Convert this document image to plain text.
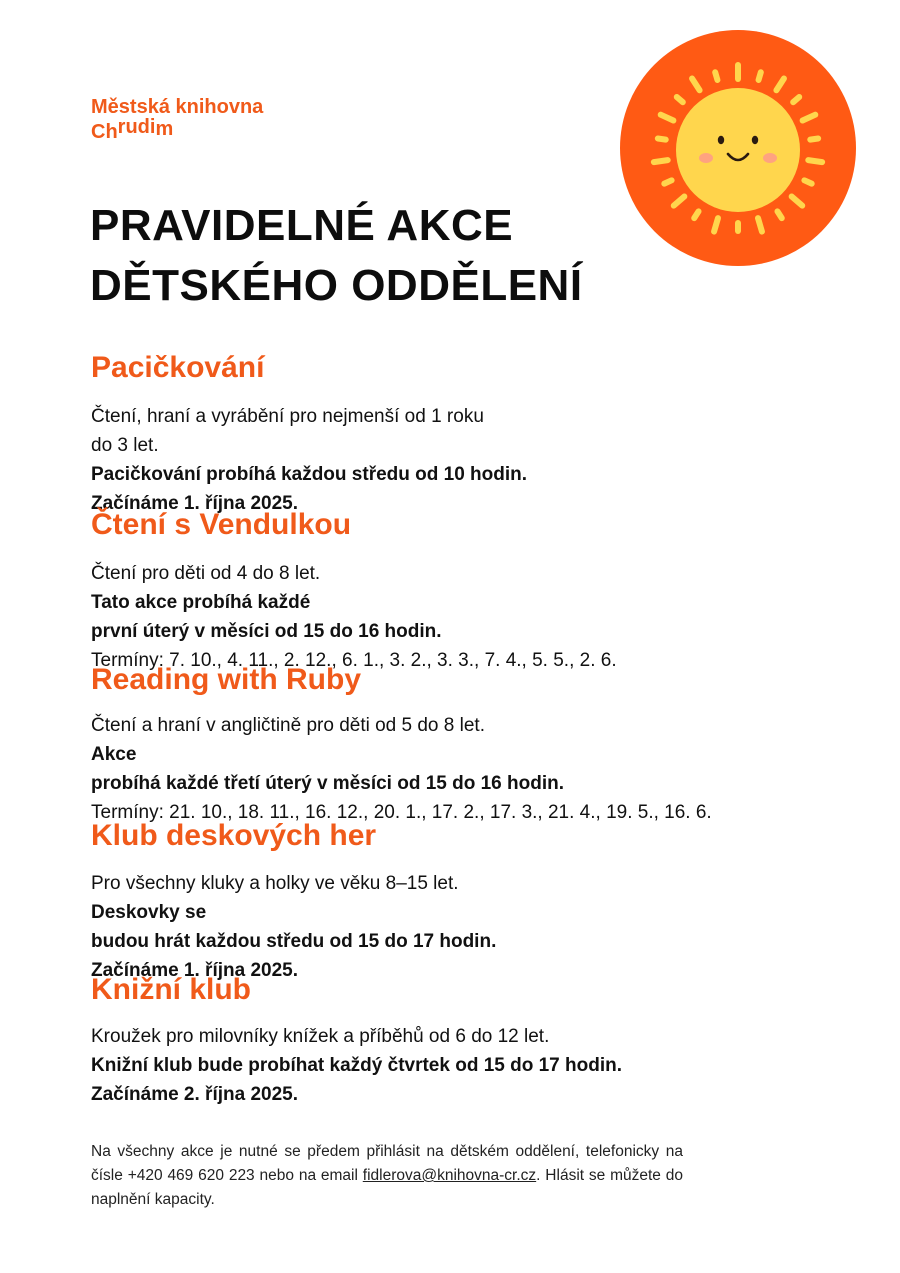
Městská knihovna
Chrudim
PRAVIDELNÉ AKCE
DĚTSKÉHO ODDĚLENÍ
Pacičkování

Čtení, hraní a vyrábění pro nejmenší od 1 roku
do 3 let.
Pacičkování probíhá každou středu od 10 hodin.
Začínáme 1. října 2025.

Čtení s Vendulkou

Čtení pro děti od 4 do 8 let.
Tato akce probíhá každé
první úterý v měsíci od 15 do 16 hodin.
Termíny: 7. 10., 4. 11., 2. 12., 6. 1., 3. 2., 3. 3., 7. 4., 5. 5., 2. 6.

Reading with Ruby

Čtení a hraní v angličtině pro děti od 5 do 8 let.
Akce
probíhá každé třetí úterý v měsíci od 15 do 16 hodin.
Termíny: 21. 10., 18. 11., 16. 12., 20. 1., 17. 2., 17. 3., 21. 4., 19. 5., 16. 6.

Klub deskových her

Pro všechny kluky a holky ve věku 8–15 let.
Deskovky se
budou hrát každou středu od 15 do 17 hodin.
Začínáme 1. října 2025.

Knižní klub

Kroužek pro milovníky knížek a příběhů od 6 do 12 let.
Knižní klub bude probíhat každý čtvrtek od 15 do 17 hodin.
Začínáme 2. října 2025.

Na všechny akce je nutné se předem přihlásit na dětském oddělení, telefonicky na čísle +420 469 620 223 nebo na email fidlerova@knihovna-cr.cz. Hlásit se můžete do naplnění kapacity.
